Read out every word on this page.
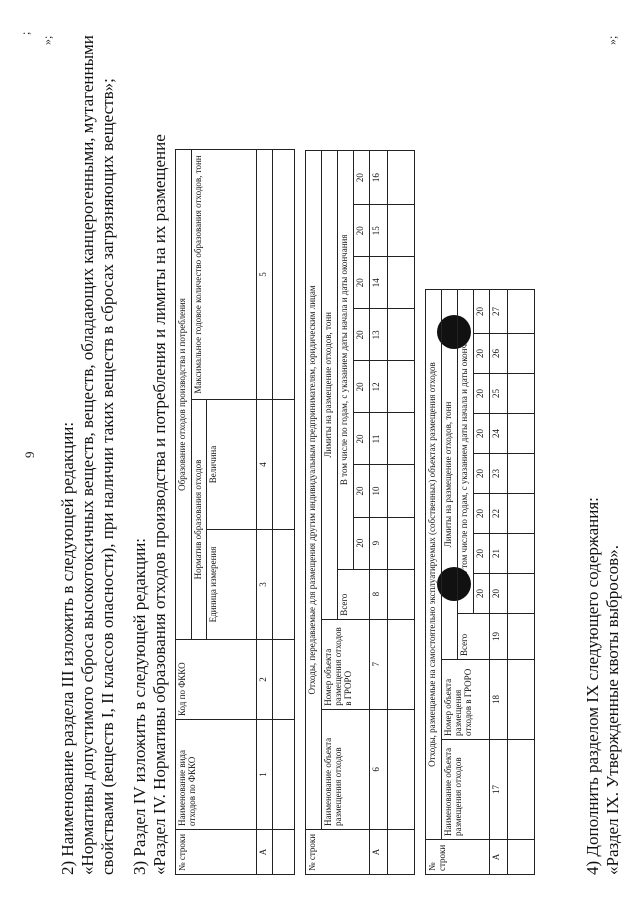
9
;
»;	»;
2) Наименование раздела III изложить в следующей редакции: «Нормативы
допустимого
сброса
высокотоксичных
веществ,
веществ,
обладающих
канцерогенными,
мутагенными свойствами (веществ I, II классов опасности), при наличии таких веществ в сбросах загрязняющих веществ»; 3) Раздел IV изложить в следующей редакции: «Раздел IV. Нормативы образования отходов производства и потребления и лимиты на их размещение № строки	Наименование вида отходов по ФККО	Код по ФККО	Образование отходов производства и потребления		
			Норматив образования отходов		Максимальное годовое количество образования отходов, тонн
			Единица измерения	Величина	
А	1	2	3	4	5

№ строки	Отходы, передаваемые для размещения другим индивидуальным предпринимателям, юридическим лицам										
	Наименование объекта размещения отходов	Номер объекта размещения отходов в ГРОРО	Лимиты на размещение отходов, тонн								
			Всего	В том числе по годам, с указанием даты начала и даты окончания							
				20	20	20	20	20	20	20	20
А	6	7	8	9	10	11	12	13	14	15	16

№ строки	Отходы, размещаемые на самостоятельно эксплуатируемых (собственных) объектах размещения отходов										
	Наименование объекта размещения отходов	Номер объекта размещения отходов в ГРОРО	Лимиты на размещение отходов, тонн								
			Всего	В том числе по годам, с указанием даты начала и даты окончания							
				20	20	20	20	20	20	20	20
А	17	18	19	20	21	22	23	24	25	26	27

4) Дополнить разделом IX следующего содержания: «Раздел IX. Утвержденные квоты выбросов».
